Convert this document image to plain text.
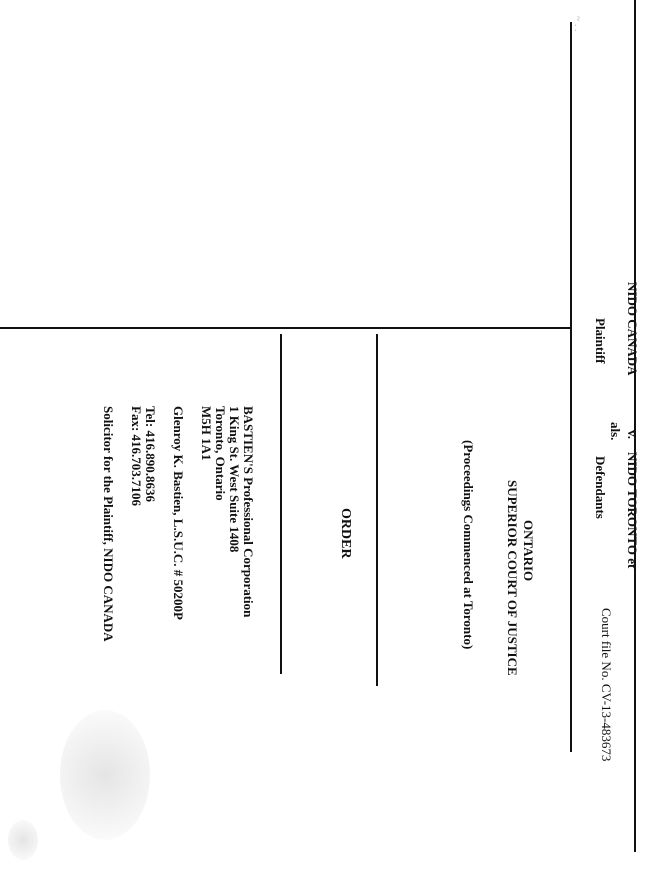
Court file No. CV-13-483673
NIDO CANADA
Plaintiff
v.
als.
NIDO TORONTO et
Defendants
ONTARIO
SUPERIOR COURT OF JUSTICE
(Proceedings Commenced at Toronto)
ORDER
BASTIEN'S Professional Corporation
1 King St. West Suite 1408
Toronto, Ontario
M5H 1A1
Glenroy K. Bastien, L.S.U.C. # 50200P
Tel: 416.890.8636
Fax: 416.703.7106
Solicitor for the Plaintiff, NIDO CANADA
~ . .
